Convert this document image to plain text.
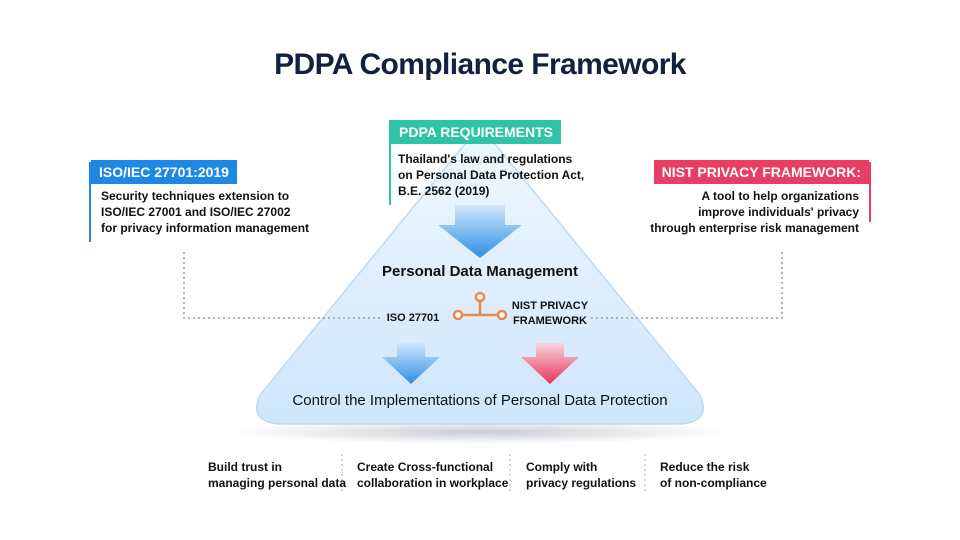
PDPA Compliance Framework
PDPA REQUIREMENTS
Thailand's law and regulations
on Personal Data Protection Act,
B.E. 2562 (2019)
ISO/IEC 27701:2019
Security techniques extension to
ISO/IEC 27001 and ISO/IEC 27002
for privacy information management
NIST PRIVACY FRAMEWORK:
A tool to help organizations
improve individuals' privacy
through enterprise risk management
Personal Data Management
ISO 27701
NIST PRIVACY
FRAMEWORK
Control the Implementations of Personal Data Protection
Build trust in
managing personal data
Create Cross-functional
collaboration in workplace
Comply with
privacy regulations
Reduce the risk
of non-compliance
